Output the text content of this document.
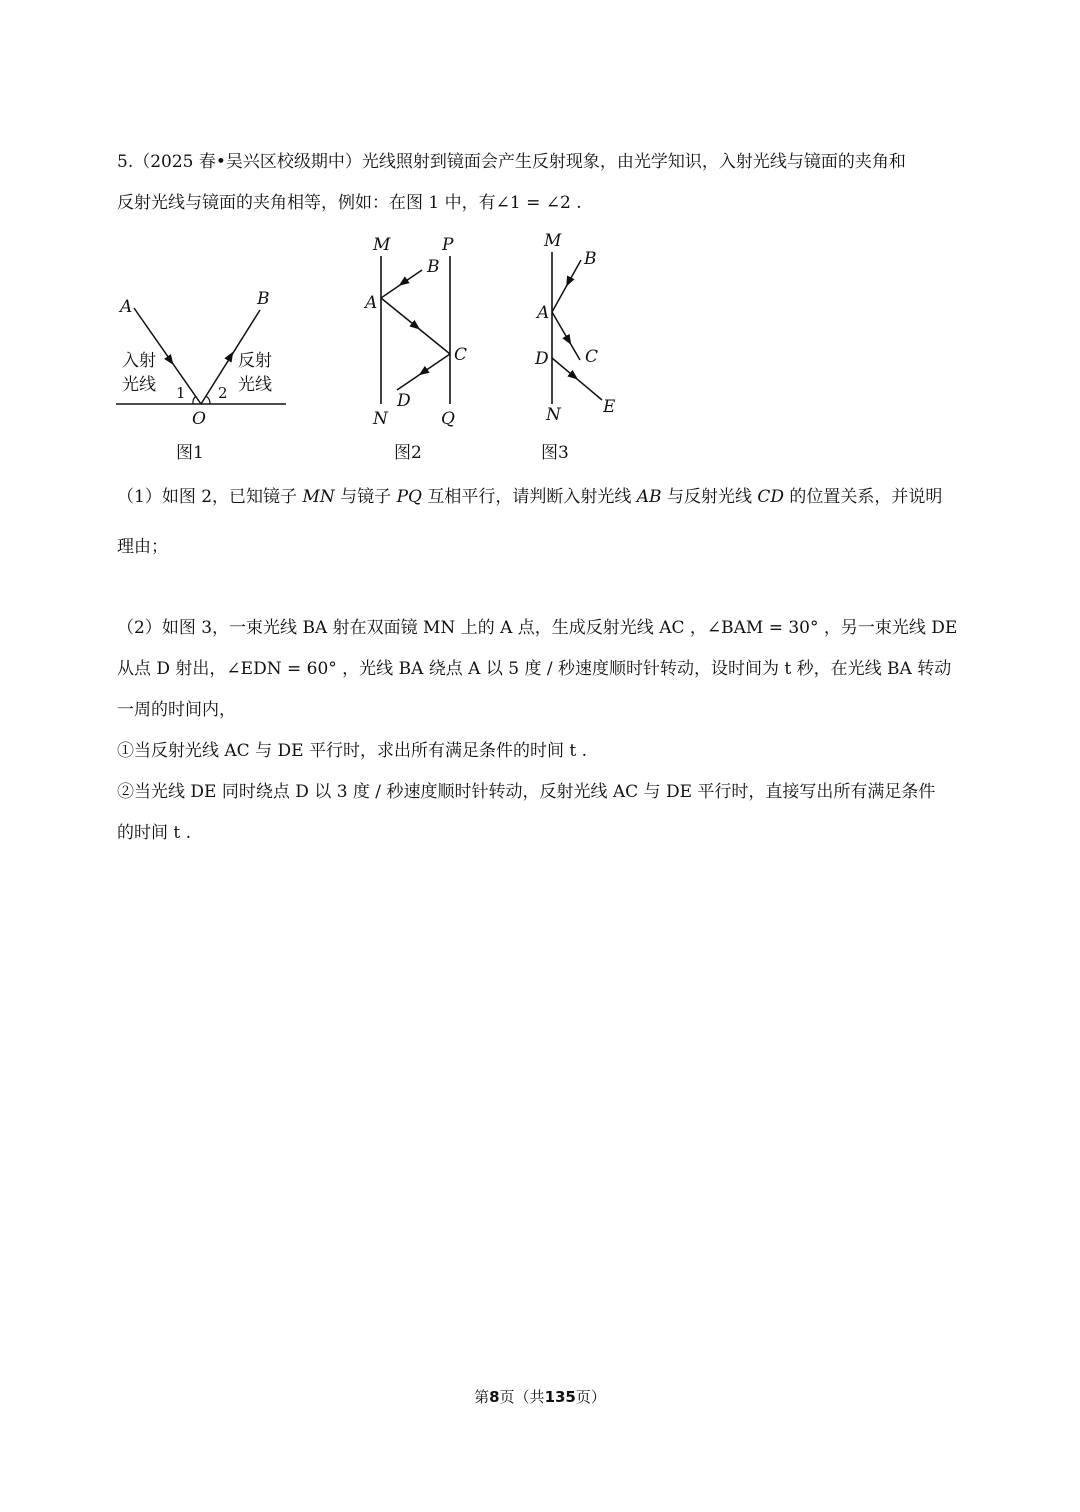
5.（2025 春•吴兴区校级期中）光线照射到镜面会产生反射现象，由光学知识，入射光线与镜面的夹角和
反射光线与镜面的夹角相等，例如：在图 1 中，有∠1 = ∠2 .
A	B
O
1 2
入射
光线
反射
光线
图1
M	P
B
A
C
D
N	Q
图2
M
B
A
C
D
E
N
图3
（1）如图 2，已知镜子 MN 与镜子 PQ 互相平行，请判断入射光线 AB 与反射光线 CD 的位置关系，并说明
理由；
（2）如图 3，一束光线 BA 射在双面镜 MN 上的 A 点，生成反射光线 AC ，∠BAM = 30° ，另一束光线 DE
从点 D 射出，∠EDN = 60° ，光线 BA 绕点 A 以 5 度 / 秒速度顺时针转动，设时间为 t 秒，在光线 BA 转动
一周的时间内，
①当反射光线 AC 与 DE 平行时，求出所有满足条件的时间 t .
②当光线 DE 同时绕点 D 以 3 度 / 秒速度顺时针转动，反射光线 AC 与 DE 平行时，直接写出所有满足条件
的时间 t .
第8页（共135页）
